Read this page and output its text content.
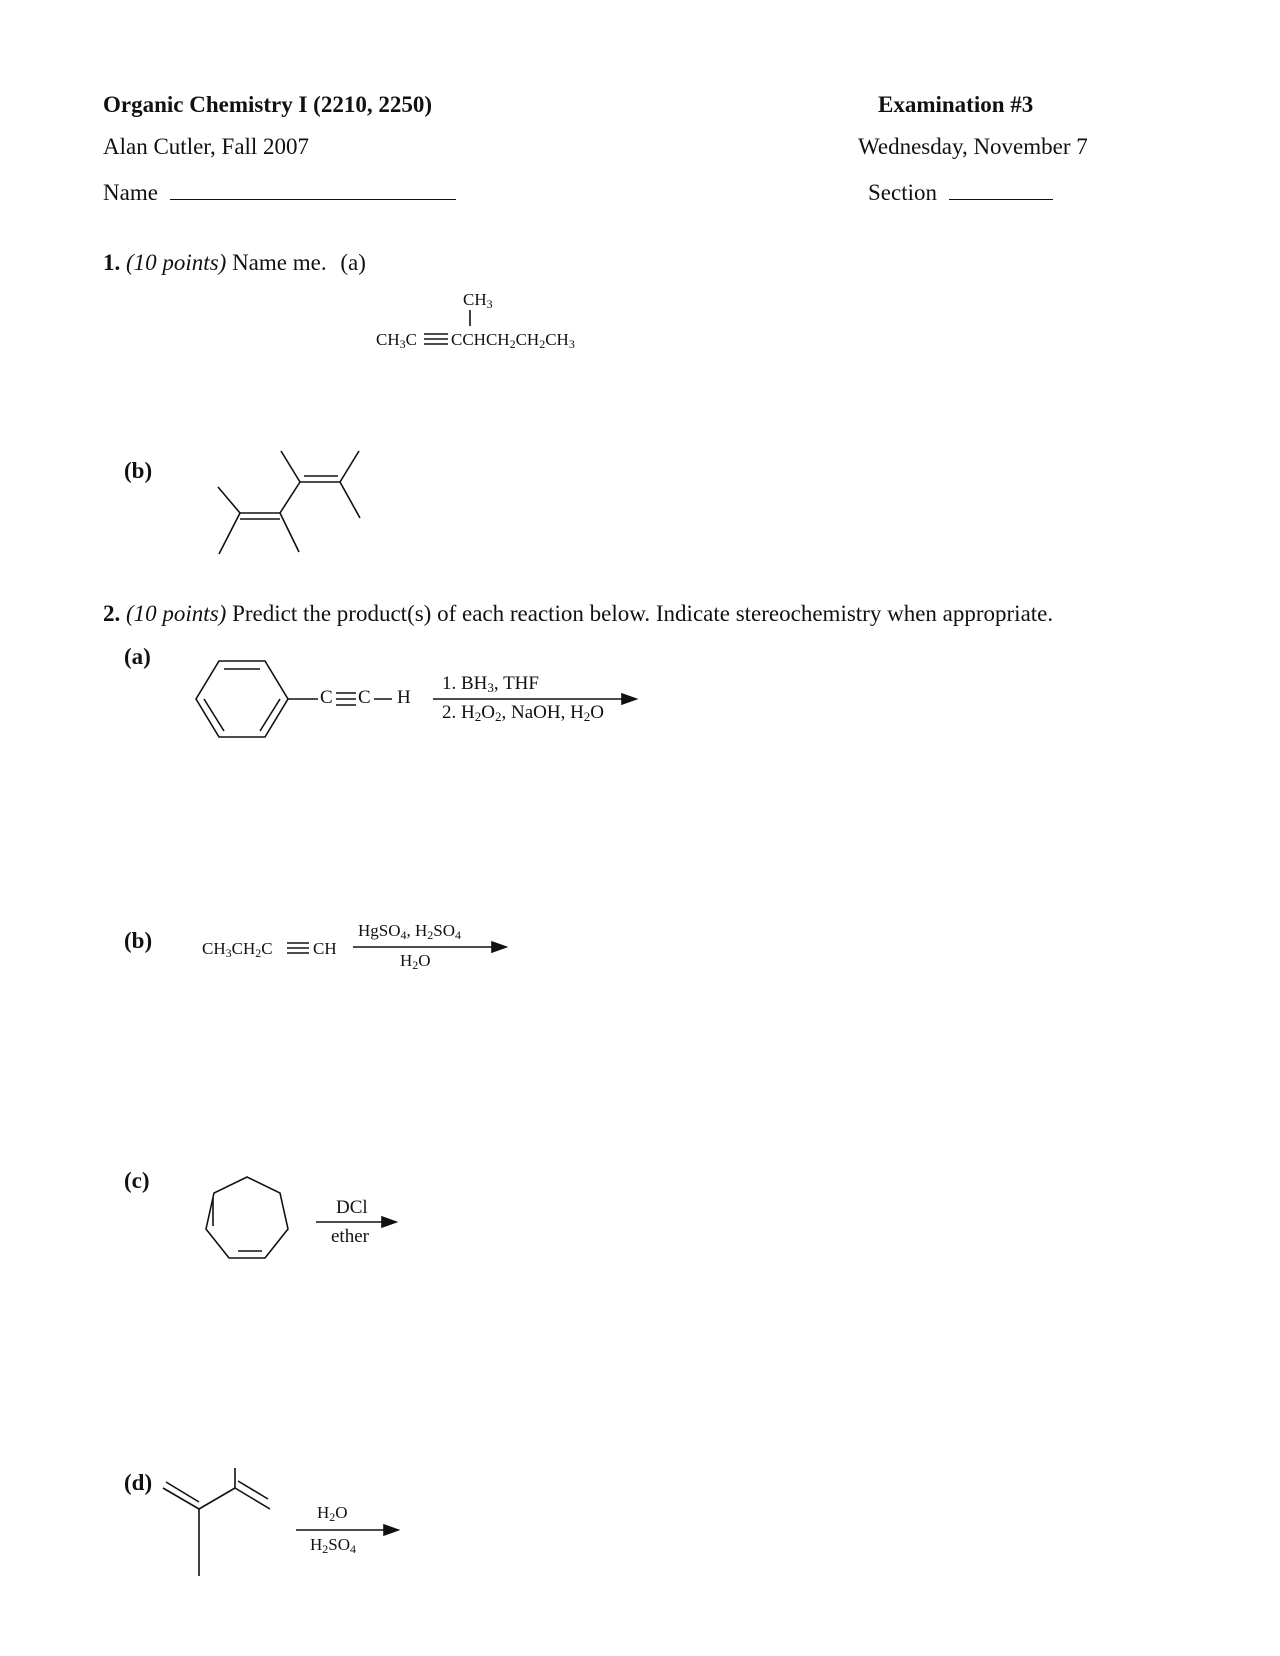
Organic Chemistry I (2210, 2250)	Examination #3
Alan Cutler, Fall 2007	Wednesday, November 7
Name	Section
1. (10 points) Name me. (a)
$CH_3$
$CH_3C$ $CCHCH_2CH_2CH_3$
(b)
2. (10 points) Predict the product(s) of each reaction below. Indicate stereochemistry when appropriate.
(a)
C C H
1. $BH_3$, THF
2. $H_2O_2$, NaOH, $H_2O$
(b)	$CH_3CH_2C$ CH
HgSO$_4$, $H_2SO_4$
$H_2O$
(c)
DCl
ether
(d)
$H_2O$
$H_2SO_4$
